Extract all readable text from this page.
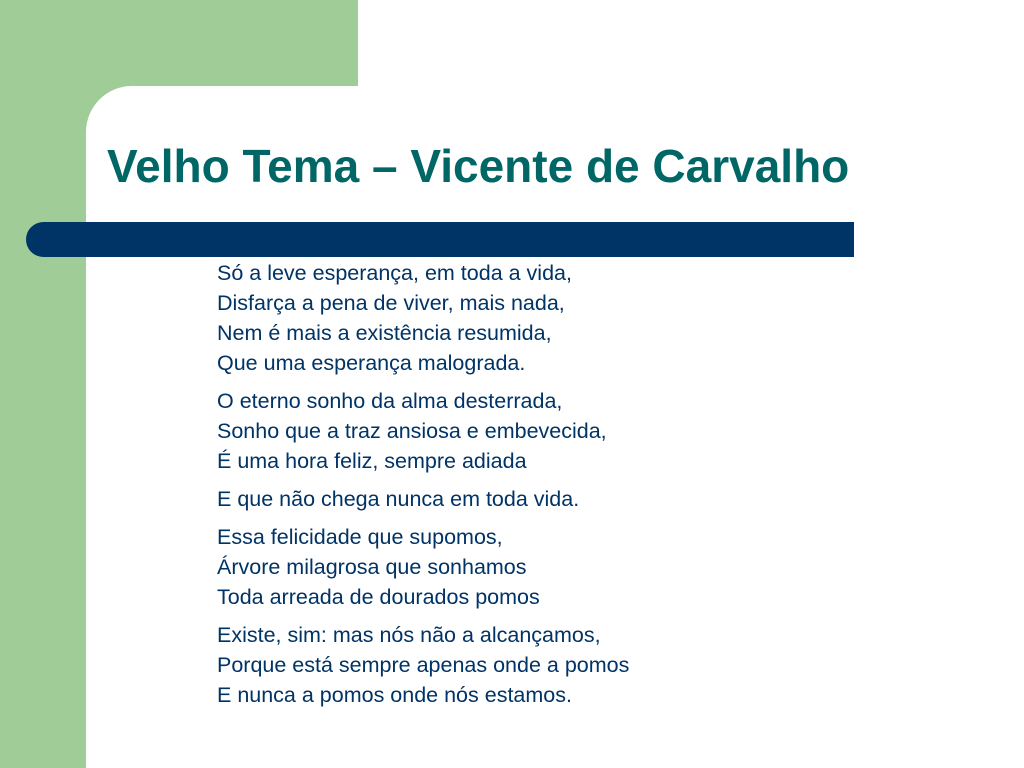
Velho Tema – Vicente de Carvalho
Só a leve esperança, em toda a vida,
Disfarça a pena de viver, mais nada,
Nem é mais a existência resumida,
Que uma esperança malograda.
O eterno sonho da alma desterrada,
Sonho que a traz ansiosa e embevecida,
É uma hora feliz, sempre adiada
E que não chega nunca em toda vida.
Essa felicidade que supomos,
Árvore milagrosa que sonhamos
Toda arreada de dourados pomos
Existe, sim: mas nós não a alcançamos,
Porque está sempre apenas onde a pomos
E nunca a pomos onde nós estamos.
